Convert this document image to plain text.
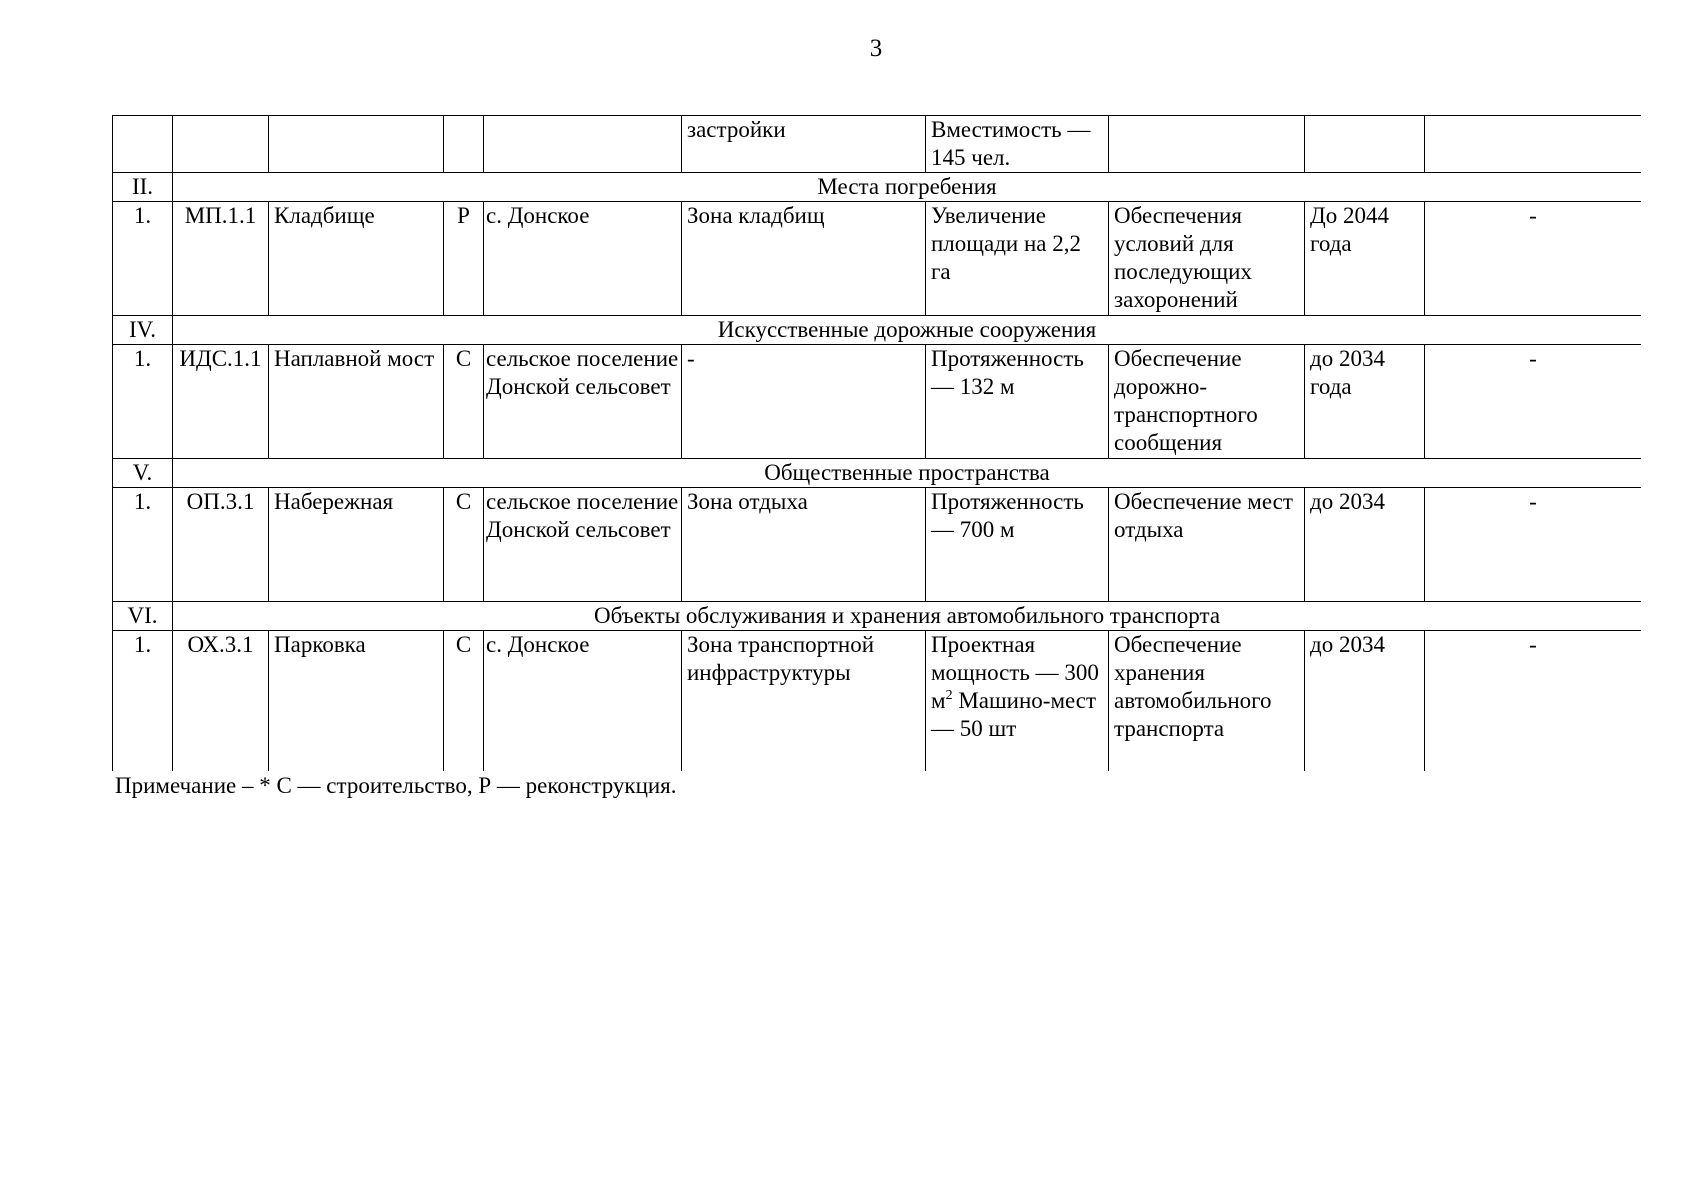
3
					застройки	Вместимость —
145 чел.			
II.	Места погребения								
1.	МП.1.1	Кладбище	Р	с. Донское	Зона кладбищ	Увеличение площади на 2,2 га	Обеспечения условий для последующих захоронений	До 2044 года	-
IV.	Искусственные дорожные сооружения								
1.	ИДС.1.1	Наплавной мост	С	сельское поселение Донской сельсовет	-	Протяженность — 132 м	Обеспечение дорожно-транспортного сообщения	до 2034 года	-
V.	Общественные пространства								
1.	ОП.3.1	Набережная	С	сельское поселение Донской сельсовет	Зона отдыха	Протяженность — 700 м	Обеспечение мест отдыха	до 2034	-
VI.	Объекты обслуживания и хранения автомобильного транспорта								
1.	ОХ.3.1	Парковка	С	с. Донское	Зона транспортной инфраструктуры	Проектная мощность — 300 $м^2$ Машино-мест — 50 шт	Обеспечение хранения автомобильного транспорта	до 2034	-
Примечание – * С — строительство, Р — реконструкция.
